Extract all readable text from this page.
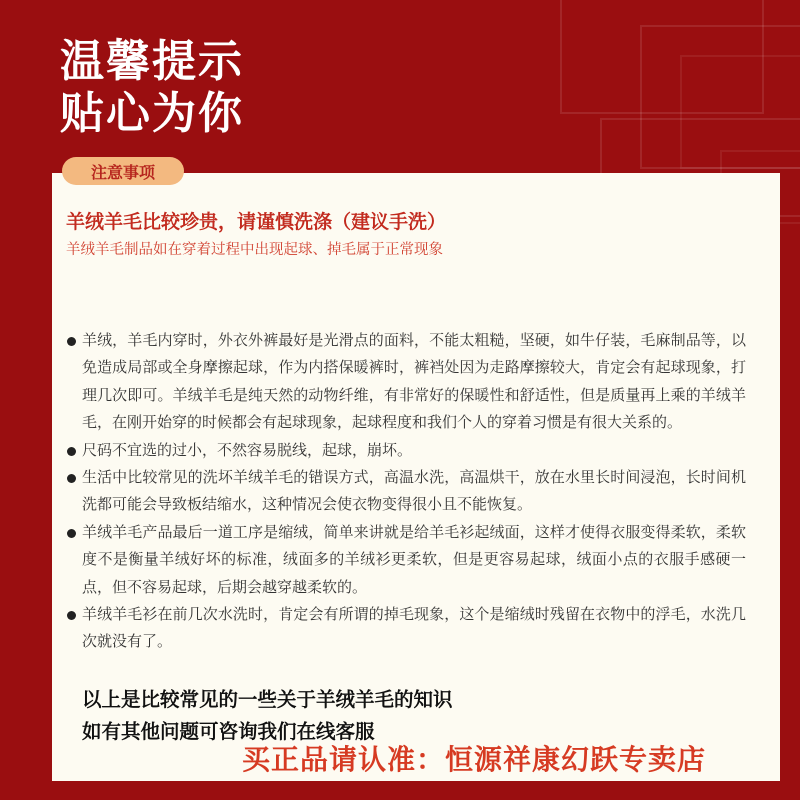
温馨提示
贴心为你
注意事项
羊绒羊毛比较珍贵，请谨慎洗涤（建议手洗）
羊绒羊毛制品如在穿着过程中出现起球、掉毛属于正常现象
羊绒，羊毛内穿时，外衣外裤最好是光滑点的面料，不能太粗糙，坚硬，如牛仔装，毛麻制品等，以免造成局部或全身摩擦起球，作为内搭保暖裤时，裤裆处因为走路摩擦较大，肯定会有起球现象，打理几次即可。羊绒羊毛是纯天然的动物纤维，有非常好的保暖性和舒适性，但是质量再上乘的羊绒羊毛，在刚开始穿的时候都会有起球现象，起球程度和我们个人的穿着习惯是有很大关系的。
尺码不宜选的过小，不然容易脱线，起球，崩坏。
生活中比较常见的洗坏羊绒羊毛的错误方式，高温水洗，高温烘干，放在水里长时间浸泡，长时间机洗都可能会导致板结缩水，这种情况会使衣物变得很小且不能恢复。
羊绒羊毛产品最后一道工序是缩绒，简单来讲就是给羊毛衫起绒面，这样才使得衣服变得柔软，柔软度不是衡量羊绒好坏的标准，绒面多的羊绒衫更柔软，但是更容易起球，绒面小点的衣服手感硬一点，但不容易起球，后期会越穿越柔软的。
羊绒羊毛衫在前几次水洗时，肯定会有所谓的掉毛现象，这个是缩绒时残留在衣物中的浮毛，水洗几次就没有了。
以上是比较常见的一些关于羊绒羊毛的知识
如有其他问题可咨询我们在线客服
买正品请认准：恒源祥康幻跃专卖店
